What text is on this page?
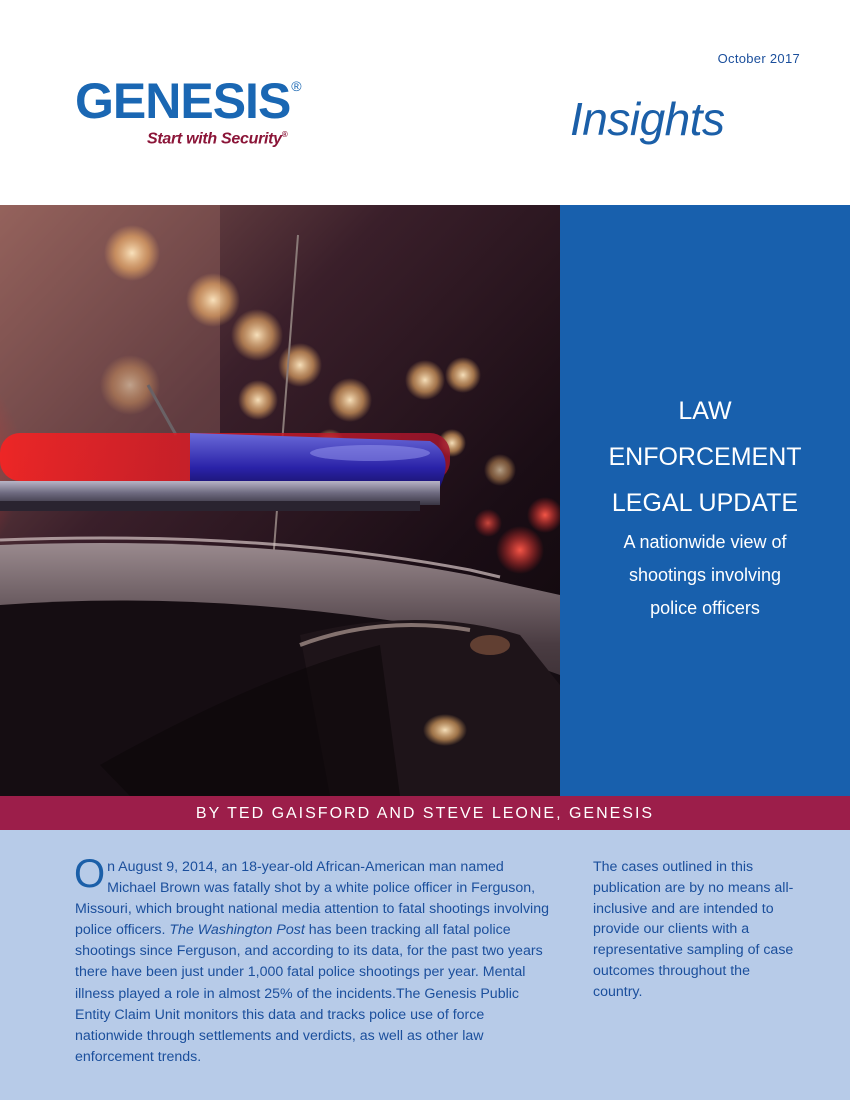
October 2017
GENESIS®
Start with Security®	Insights
LAW
ENFORCEMENT
LEGAL UPDATE
A nationwide view of
shootings involving
police officers
BY TED GAISFORD AND STEVE LEONE, GENESIS
On August 9, 2014, an 18-year-old African-American man named Michael Brown was fatally shot by a white police officer in Ferguson, Missouri, which brought national media attention to fatal shootings involving police officers. The Washington Post has been tracking all fatal police shootings since Ferguson, and according to its data, for the past two years there have been just under 1,000 fatal police shootings per year. Mental illness played a role in almost 25% of the incidents.The Genesis Public Entity Claim Unit monitors this data and tracks police use of force nationwide through settlements and verdicts, as well as other law enforcement trends.
The cases outlined in this publication are by no means all-inclusive and are intended to provide our clients with a representative sampling of case outcomes throughout the country.
